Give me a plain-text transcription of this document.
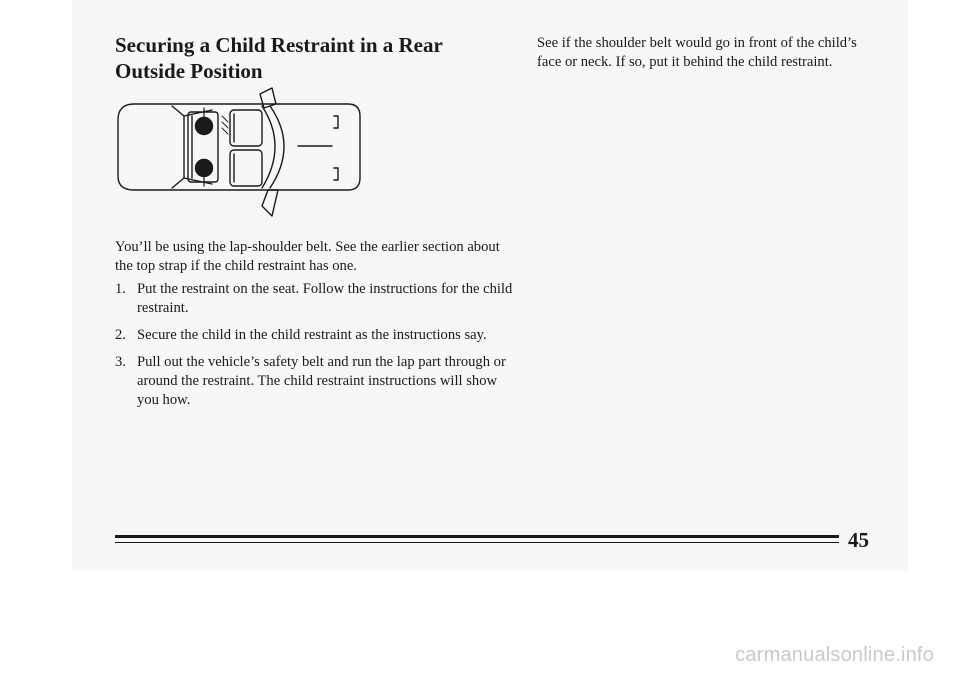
Securing a Child Restraint in a Rear Outside Position

You’ll be using the lap-shoulder belt. See the earlier section about the top strap if the child restraint has one.

1. Put the restraint on the seat. Follow the instructions for the child restraint.
2. Secure the child in the child restraint as the instructions say.
3. Pull out the vehicle’s safety belt and run the lap part through or around the restraint. The child restraint instructions will show you how.

See if the shoulder belt would go in front of the child’s face or neck. If so, put it behind the child restraint.

45
carmanualsonline.info
